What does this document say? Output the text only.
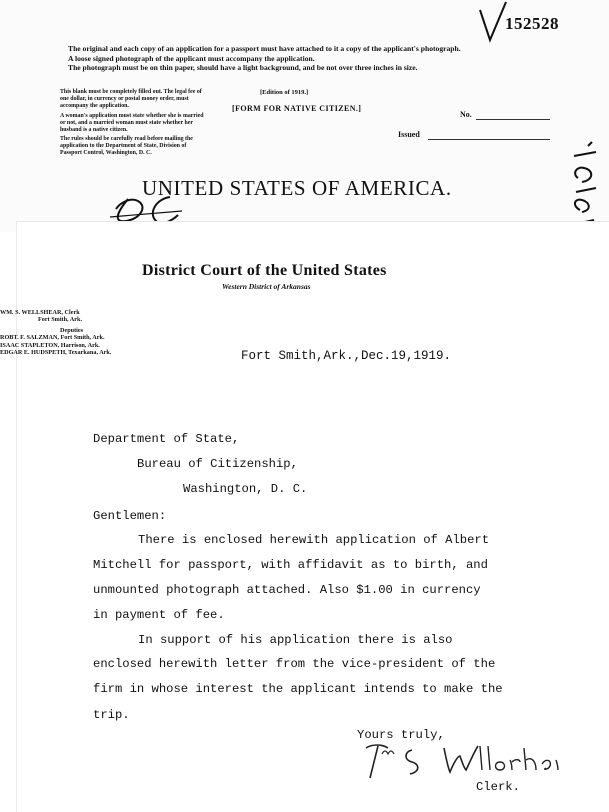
152528
The original and each copy of an application for a passport must have attached to it a copy of the applicant's photograph.
A loose signed photograph of the applicant must accompany the application.
The photograph must be on thin paper, should have a light background, and be not over three inches in size.

This blank must be completely filled out. The legal fee of one dollar, in currency or postal money order, must accompany the application.

A woman's application must state whether she is married or not, and a married woman must state whether her husband is a native citizen.

The rules should be carefully read before mailing the application to the Department of State, Division of Passport Control, Washington, D. C.

[Edition of 1919.]
[FORM FOR NATIVE CITIZEN.]
No.
Issued
UNITED STATES OF AMERICA.
District Court of the United States
Western District of Arkansas
WM. S. WELLSHEAR, Clerk
Fort Smith, Ark.
Deputies
ROBT. F. SALZMAN, Fort Smith, Ark.
ISAAC STAPLETON, Harrison, Ark.
EDGAR E. HUDSPETH, Texarkana, Ark.	Fort Smith,Ark.,Dec.19,1919.
Department of State,
Bureau of Citizenship,
Washington, D. C.
Gentlemen:
There is enclosed herewith application of Albert
Mitchell for passport, with affidavit as to birth, and
unmounted photograph attached. Also $1.00 in currency
in payment of fee.
In support of his application there is also
enclosed herewith letter from the vice-president of the
firm in whose interest the applicant intends to make the
trip.
Yours truly,
Clerk.
